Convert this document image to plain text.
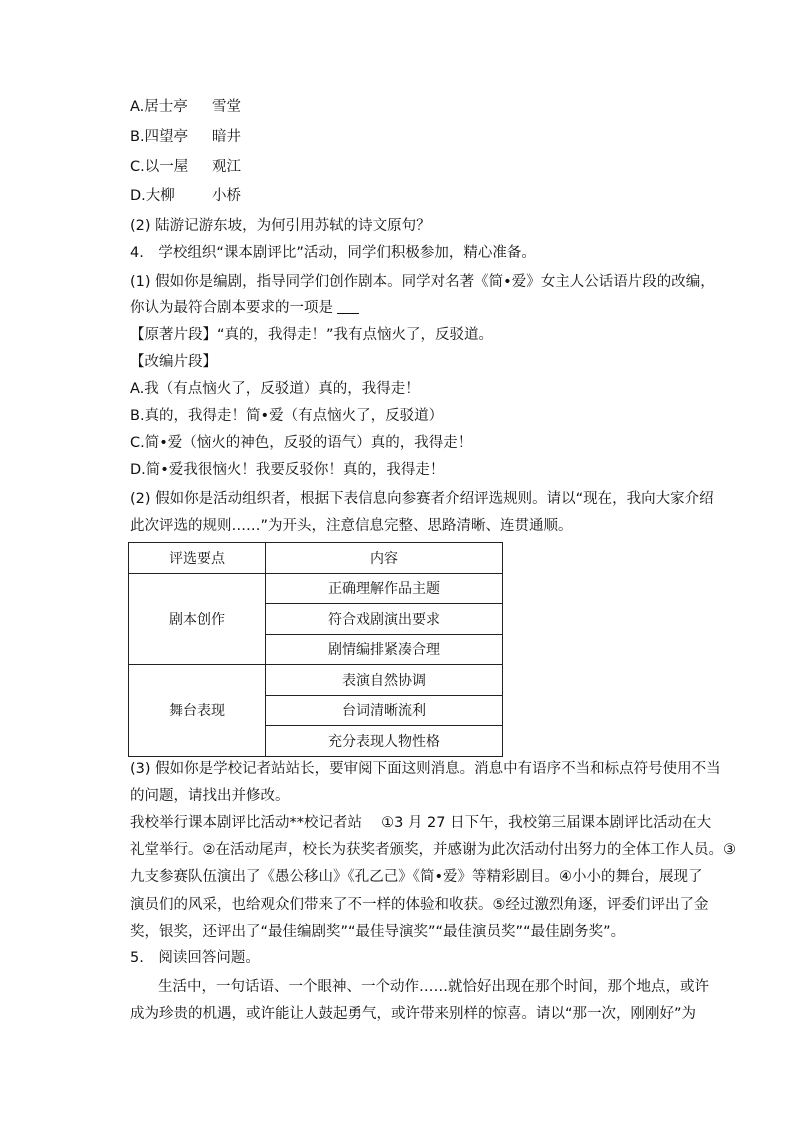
A.居士亭 雪堂
B.四望亭 暗井
C.以一屋 观江
D.大柳	小桥
(2) 陆游记游东坡，为何引用苏轼的诗文原句？
4.　学校组织“课本剧评比”活动，同学们积极参加，精心准备。
(1) 假如你是编剧，指导同学们创作剧本。同学对名著《简•爱》女主人公话语片段的改编，
你认为最符合剧本要求的一项是
【原著片段】“真的，我得走！”我有点恼火了，反驳道。
【改编片段】
A.我（有点恼火了，反驳道）真的，我得走！
B.真的，我得走！简•爱（有点恼火了，反驳道）
C.简•爱（恼火的神色，反驳的语气）真的，我得走！
D.简•爱我很恼火！我要反驳你！真的，我得走！
(2) 假如你是活动组织者，根据下表信息向参赛者介绍评选规则。请以“现在，我向大家介绍
此次评选的规则……”为开头，注意信息完整、思路清晰、连贯通顺。
评选要点	内容
剧本创作	正确理解作品主题
	符合戏剧演出要求
	剧情编排紧凑合理
舞台表现	表演自然协调
	台词清晰流利
	充分表现人物性格
(3) 假如你是学校记者站站长，要审阅下面这则消息。消息中有语序不当和标点符号使用不当
的问题，请找出并修改。
我校举行课本剧评比活动**校记者站　 ①3 月 27 日下午，我校第三届课本剧评比活动在大
礼堂举行。②在活动尾声，校长为获奖者颁奖，并感谢为此次活动付出努力的全体工作人员。③
九支参赛队伍演出了《愚公移山》《孔乙己》《简•爱》等精彩剧目。④小小的舞台，展现了
演员们的风采，也给观众们带来了不一样的体验和收获。⑤经过激烈角逐，评委们评出了金
奖，银奖，还评出了“最佳编剧奖”“最佳导演奖”“最佳演员奖”“最佳剧务奖”。
5.　阅读回答问题。
生活中，一句话语、一个眼神、一个动作……就恰好出现在那个时间，那个地点，或许
成为珍贵的机遇，或许能让人鼓起勇气，或许带来别样的惊喜。请以“那一次，刚刚好”为
